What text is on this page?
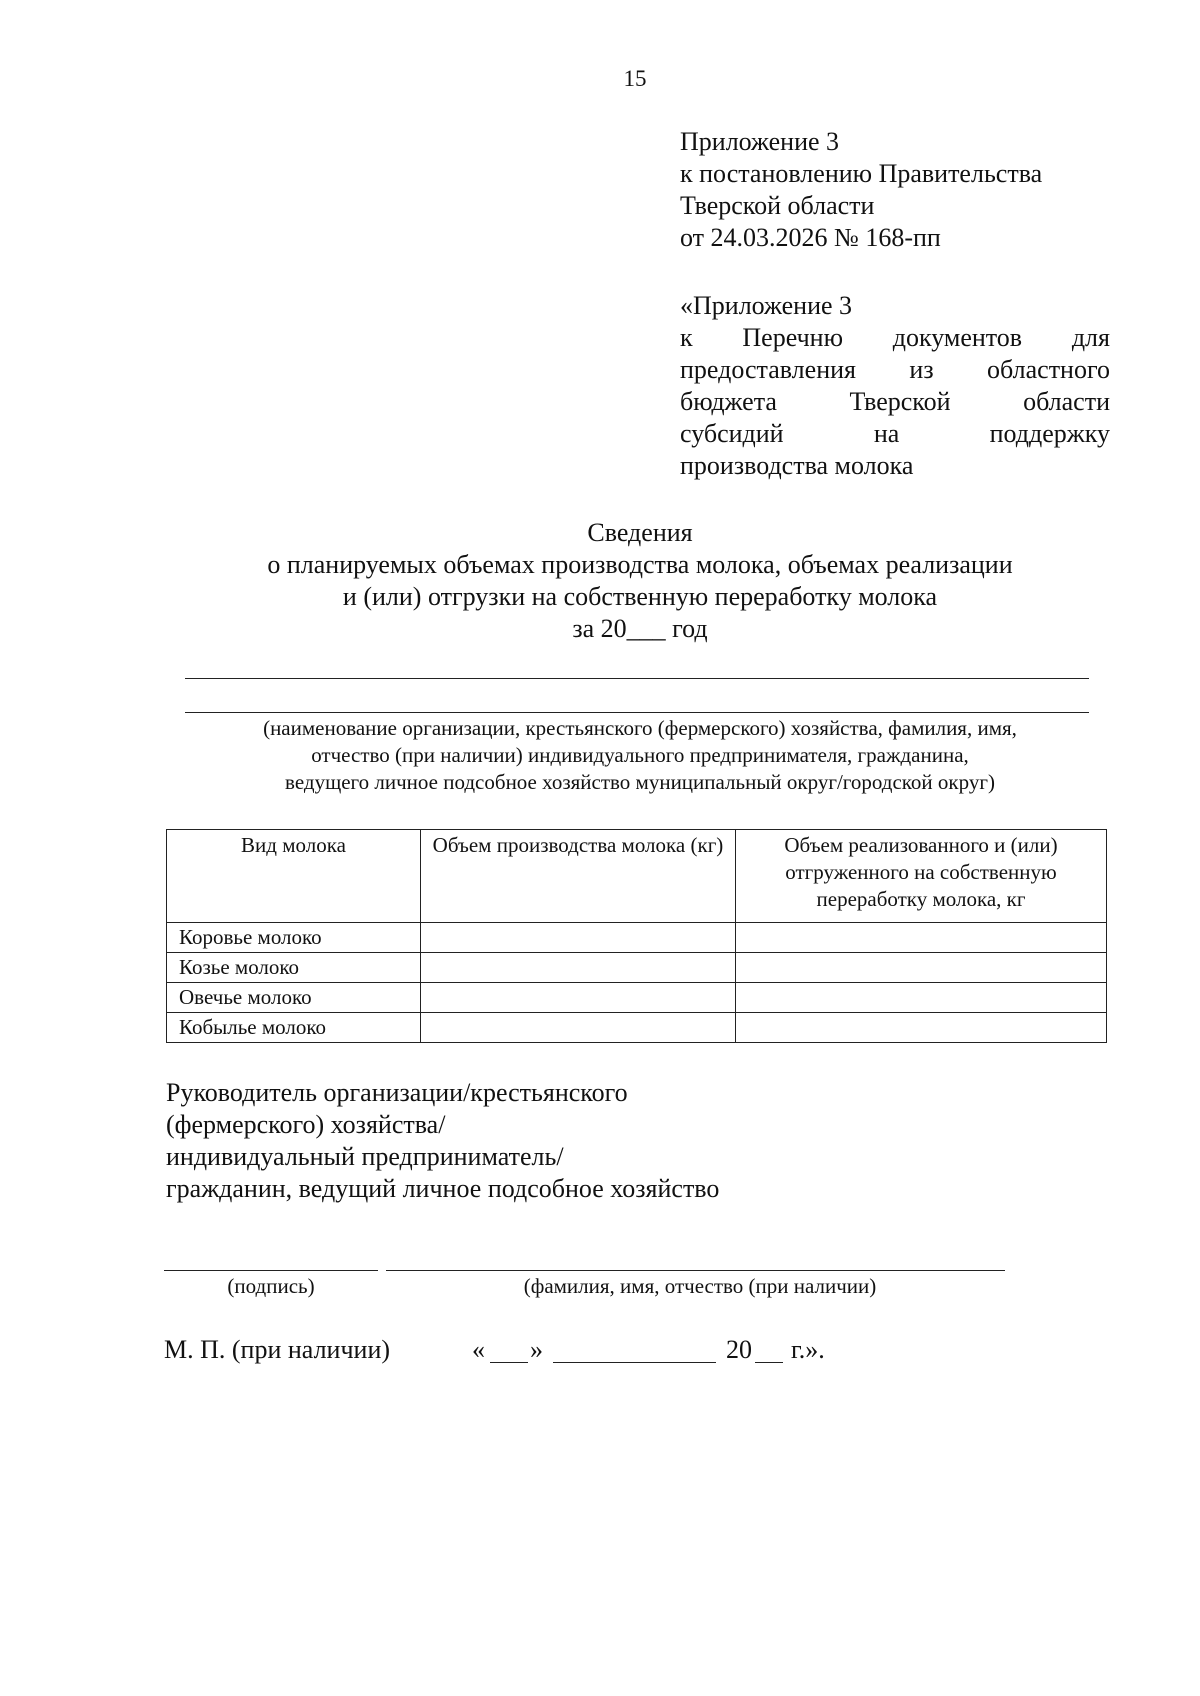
15
Приложение 3
к постановлению Правительства
Тверской области
от 24.03.2026 № 168-пп
«Приложение 3
к Перечню документов для
предоставления из областного
бюджета Тверской области
субсидий на поддержку
производства молока
Сведения
о планируемых объемах производства молока, объемах реализации
и (или) отгрузки на собственную переработку молока
за 20___ год
(наименование организации, крестьянского (фермерского) хозяйства, фамилия, имя,
отчество (при наличии) индивидуального предпринимателя, гражданина,
ведущего личное подсобное хозяйство муниципальный округ/городской округ)
Вид молока	Объем производства молока (кг)	Объем реализованного и (или) отгруженного на собственную переработку молока, кг
Коровье молоко		
Козье молоко		
Овечье молоко		
Кобылье молоко		
Руководитель организации/крестьянского
(фермерского) хозяйства/
индивидуальный предприниматель/
гражданин, ведущий личное подсобное хозяйство
(подпись)	(фамилия, имя, отчество (при наличии)
М. П. (при наличии)	« »	20 г.».
